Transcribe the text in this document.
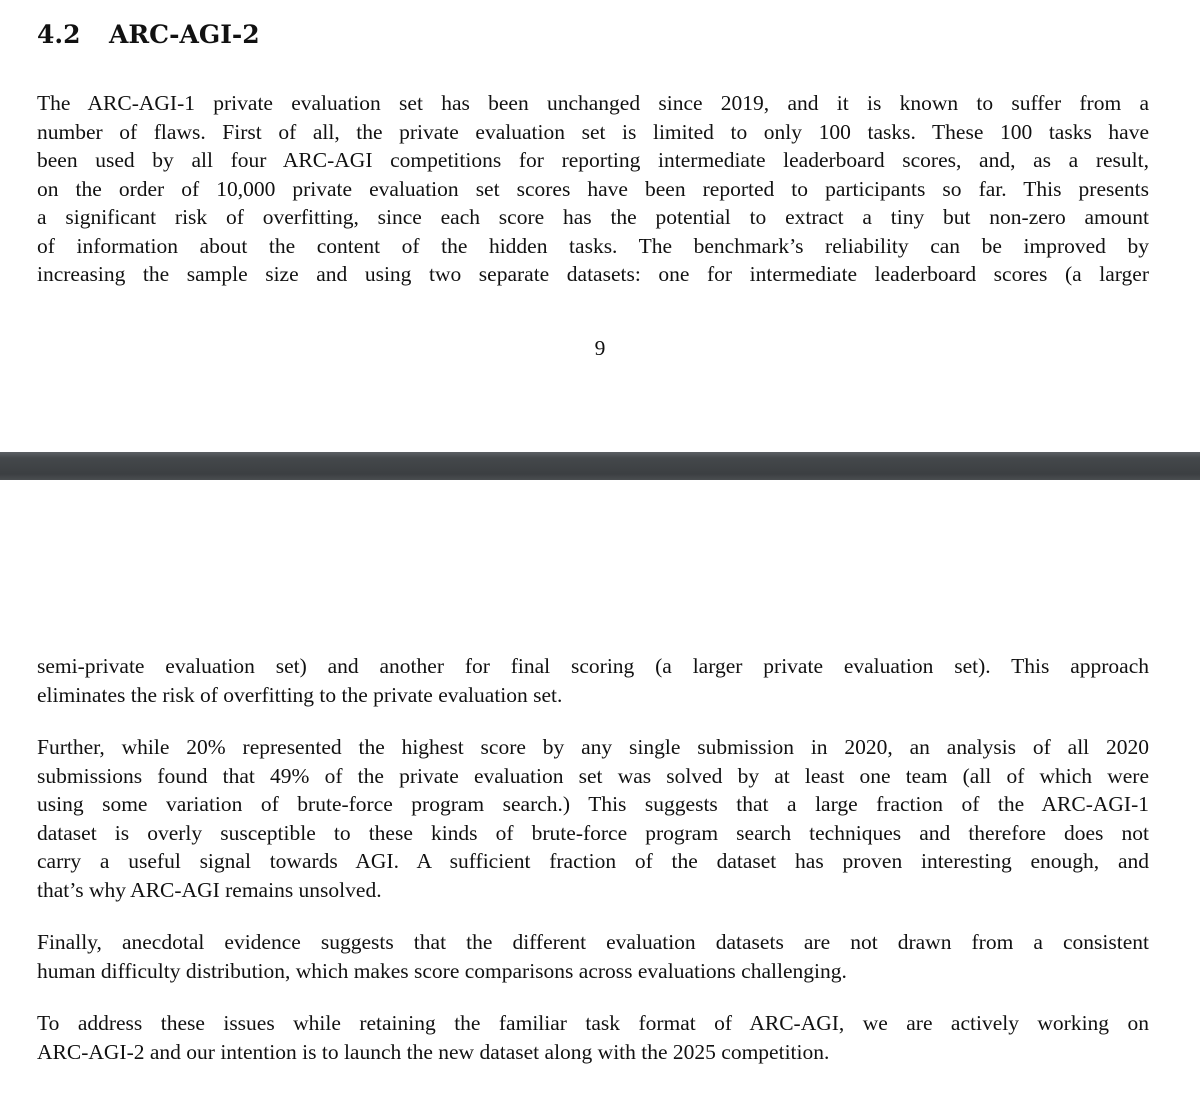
4.2 ARC-AGI-2

The ARC-AGI-1 private evaluation set has been unchanged since 2019, and it is known to suffer from a
number of flaws. First of all, the private evaluation set is limited to only 100 tasks. These 100 tasks have
been used by all four ARC-AGI competitions for reporting intermediate leaderboard scores, and, as a result,
on the order of 10,000 private evaluation set scores have been reported to participants so far. This presents
a significant risk of overfitting, since each score has the potential to extract a tiny but non-zero amount
of information about the content of the hidden tasks. The benchmark’s reliability can be improved by
increasing the sample size and using two separate datasets: one for intermediate leaderboard scores (a larger

9

semi-private evaluation set) and another for final scoring (a larger private evaluation set). This approach
eliminates the risk of overfitting to the private evaluation set.

Further, while 20% represented the highest score by any single submission in 2020, an analysis of all 2020
submissions found that 49% of the private evaluation set was solved by at least one team (all of which were
using some variation of brute-force program search.) This suggests that a large fraction of the ARC-AGI-1
dataset is overly susceptible to these kinds of brute-force program search techniques and therefore does not
carry a useful signal towards AGI. A sufficient fraction of the dataset has proven interesting enough, and
that’s why ARC-AGI remains unsolved.

Finally, anecdotal evidence suggests that the different evaluation datasets are not drawn from a consistent
human difficulty distribution, which makes score comparisons across evaluations challenging.

To address these issues while retaining the familiar task format of ARC-AGI, we are actively working on
ARC-AGI-2 and our intention is to launch the new dataset along with the 2025 competition.
